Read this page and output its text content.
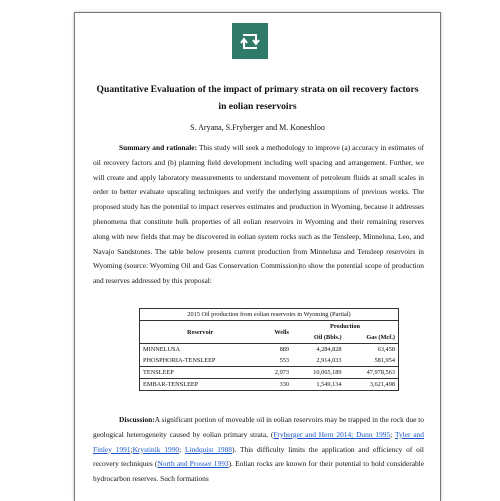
Quantitative Evaluation of the impact of primary strata on oil recovery factors in eolian reservoirs
S. Aryana, S.Fryberger and M. Koneshloo
Summary and rationale: This study will seek a methodology to improve (a) accuracy in estimates of oil recovery factors and (b) planning field development including well spacing and arrangement. Further, we will create and apply laboratory measurements to understand movement of petroleum fluids at small scales in order to better evaluate upscaling techniques and verify the underlying assumptions of previous works. The proposed study has the potential to impact reserves estimates and production in Wyoming, because it addresses phenomena that constitute bulk properties of all eolian reservoirs in Wyoming and their remaining reserves along with new fields that may be discovered in eolian system rocks such as the Tensleep, Minnelusa, Leo, and Navajo Sandstones. The table below presents current production from Minnelusa and Tensleep reservoirs in Wyoming (source: Wyoming Oil and Gas Conservation Commission)to show the potential scope of production and reserves addressed by this proposal:
2015 Oil production from eolian reservoirs in Wyoming (Partial)			
Reservoir	Wells	Production	
		Oil (Bbls.)	Gas (Mcf.)
MINNELUSA	889	4,284,828	63,458
PHOSPHORIA-TENSLEEP	553	2,914,033	581,954
TENSLEEP	2,973	10,065,189	47,978,563
EMBAR-TENSLEEP	330	1,549,134	3,621,498
Discussion:A significant portion of moveable oil in eolian reservoirs may be trapped in the rock due to geological heterogeneity caused by eolian primary strata, (Fryberger and Hern 2014; Dunn 1995; Tyler and Finley 1991;Krystinik 1990; Lindquist 1988). This difficulty limits the application and efficiency of oil recovery techniques (North and Prosser 1993). Eolian rocks are known for their potential to hold considerable hydrocarbon reserves. Such formations
